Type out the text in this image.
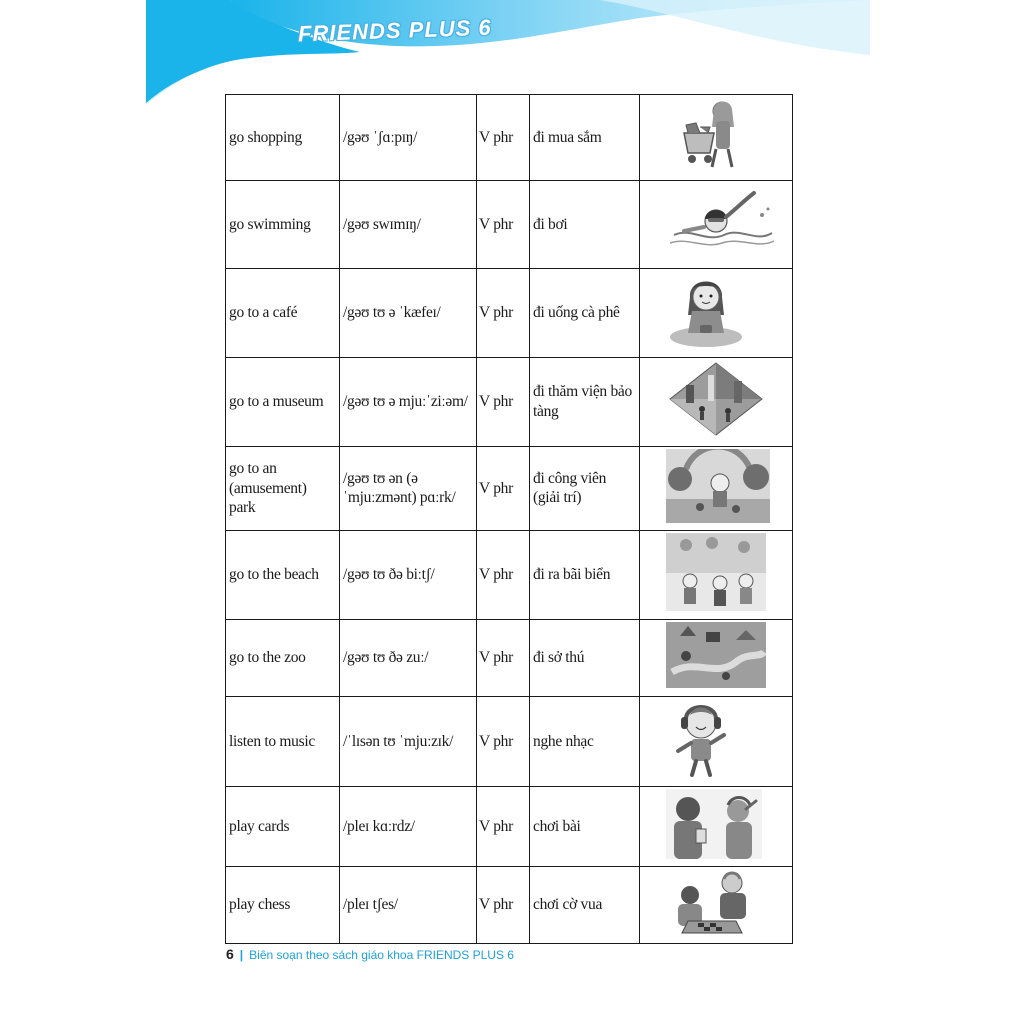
FRIENDS PLUS 6
go shopping	/gəʊ ˈʃɑːpɪŋ/	V phr	đi mua sắm	

go swimming	/gəʊ swɪmɪŋ/	V phr	đi bơi	

go to a café	/gəʊ tʊ ə ˈkæfeɪ/	V phr	đi uống cà phê	

go to a museum	/gəʊ tʊ ə mjuːˈziːəm/	V phr	đi thăm viện bảo tàng	

go to an (amusement) park	/gəʊ tʊ ən (əˈmjuːzmənt) pɑːrk/	V phr	đi công viên (giải trí)	

go to the beach	/gəʊ tʊ ðə biːtʃ/	V phr	đi ra bãi biển	

go to the zoo	/gəʊ tʊ ðə zuː/	V phr	đi sở thú	

listen to music	/ˈlɪsən tʊ ˈmjuːzɪk/	V phr	nghe nhạc	

play cards	/pleɪ kɑːrdz/	V phr	chơi bài	

play chess	/pleɪ tʃes/	V phr	chơi cờ vua	
6 | Biên soạn theo sách giáo khoa FRIENDS PLUS 6
